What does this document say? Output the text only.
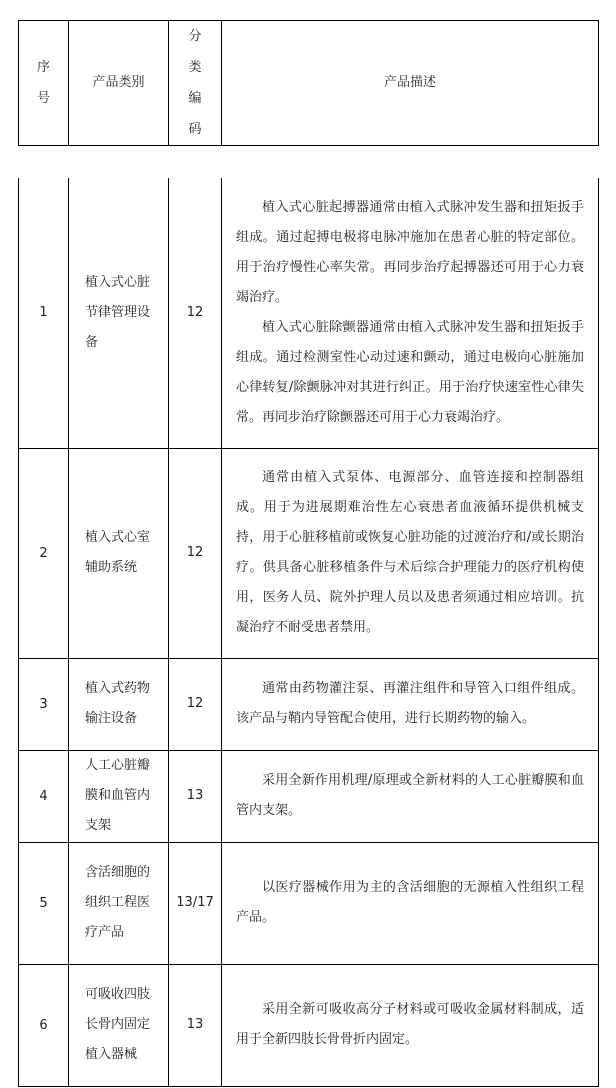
序号	产品类别	分类编码	产品描述
1	植入式心脏节律管理设备	12	植入式心脏起搏器通常由植入式脉冲发生器和扭矩扳手组成。通过起搏电极将电脉冲施加在患者心脏的特定部位。用于治疗慢性心率失常。再同步治疗起搏器还可用于心力衰竭治疗。

植入式心脏除颤器通常由植入式脉冲发生器和扭矩扳手组成。通过检测室性心动过速和颤动，通过电极向心脏施加心律转复/除颤脉冲对其进行纠正。用于治疗快速室性心律失常。再同步治疗除颤器还可用于心力衰竭治疗。

2	植入式心室辅助系统	12	通常由植入式泵体、电源部分、血管连接和控制器组成。用于为进展期难治性左心衰患者血液循环提供机械支持，用于心脏移植前或恢复心脏功能的过渡治疗和/或长期治疗。供具备心脏移植条件与术后综合护理能力的医疗机构使用，医务人员、院外护理人员以及患者须通过相应培训。抗凝治疗不耐受患者禁用。

3	植入式药物输注设备	12	通常由药物灌注泵、再灌注组件和导管入口组件组成。该产品与鞘内导管配合使用，进行长期药物的输入。

4	人工心脏瓣膜和血管内支架	13	采用全新作用机理/原理或全新材料的人工心脏瓣膜和血管内支架。

5	含活细胞的组织工程医疗产品	13/17	以医疗器械作用为主的含活细胞的无源植入性组织工程产品。

6	可吸收四肢长骨内固定植入器械	13	采用全新可吸收高分子材料或可吸收金属材料制成，适用于全新四肢长骨骨折内固定。
